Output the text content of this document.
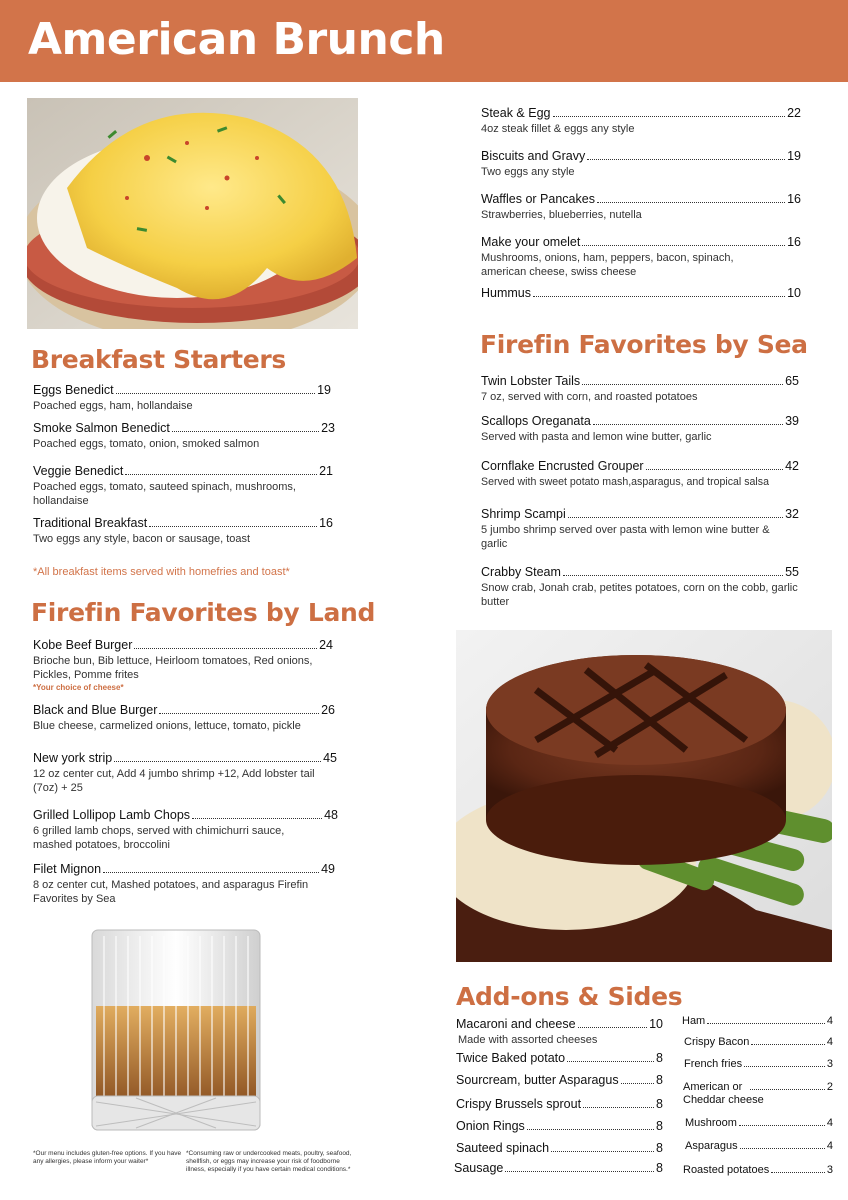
American Brunch
Breakfast Starters
Eggs Benedict	19
Poached eggs, ham, hollandaise
Smoke Salmon Benedict	23
Poached eggs, tomato, onion, smoked salmon
Veggie Benedict	21
Poached eggs, tomato, sauteed spinach, mushrooms, hollandaise
Traditional Breakfast	16
Two eggs any style, bacon or sausage, toast
*All breakfast items served with homefries and toast*
Firefin Favorites by Land
Kobe Beef Burger	24
Brioche bun, Bib lettuce, Heirloom tomatoes, Red onions, Pickles, Pomme frites
*Your choice of cheese*
Black and Blue Burger	26
Blue cheese, carmelized onions, lettuce, tomato, pickle
New york strip	45
12 oz center cut, Add 4 jumbo shrimp +12, Add lobster tail (7oz) + 25
Grilled Lollipop Lamb Chops	48
6 grilled lamb chops, served with chimichurri sauce, mashed potatoes, broccolini
Filet Mignon	49
8 oz center cut, Mashed potatoes, and asparagus Firefin Favorites by Sea
*Our menu includes gluten-free options. If you have any allergies, please inform your waiter*
*Consuming raw or undercooked meats, poultry, seafood, shellfish, or eggs may increase your risk of foodborne illness, especially if you have certain medical conditions.*
Steak & Egg	22
4oz steak fillet & eggs any style
Biscuits and Gravy	19
Two eggs any style
Waffles or Pancakes	16
Strawberries, blueberries, nutella
Make your omelet	16
Mushrooms, onions, ham, peppers, bacon, spinach, american cheese, swiss cheese
Hummus	10
Firefin Favorites by Sea
Twin Lobster Tails	65
7 oz, served with corn, and roasted potatoes
Scallops Oreganata	39
Served with pasta and lemon wine butter, garlic
Cornflake Encrusted Grouper	42
Served with sweet potato mash,asparagus, and tropical salsa
Shrimp Scampi	32
5 jumbo shrimp served over pasta with lemon wine butter & garlic
Crabby Steam	55
Snow crab, Jonah crab, petites potatoes, corn on the cobb, garlic butter
Add-ons & Sides
Macaroni and cheese	10
Made with assorted cheeses
Twice Baked potato	8
Sourcream, butter Asparagus	8
Crispy Brussels sprout	8
Onion Rings	8
Sauteed spinach	8
Sausage	8
Ham	4
Crispy Bacon	4
French fries	3
American or	2
Cheddar cheese
Mushroom	4
Asparagus	4
Roasted potatoes	3
